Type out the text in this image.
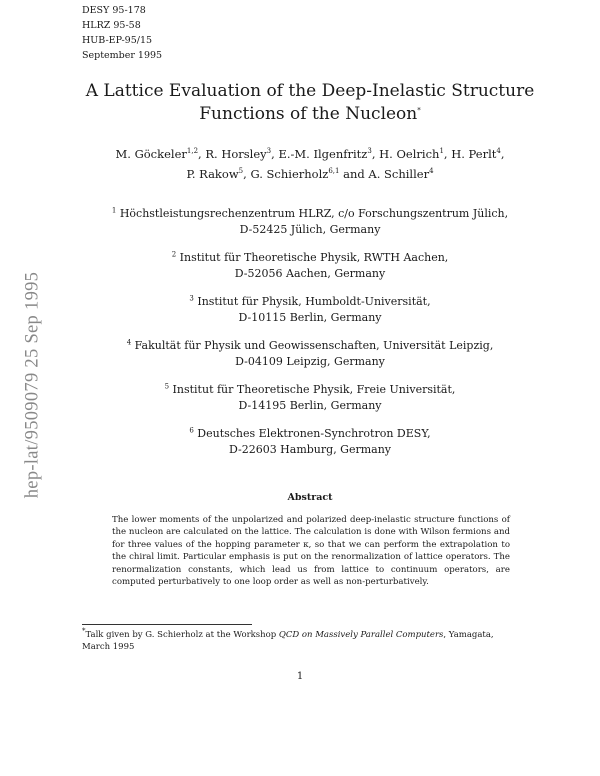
DESY 95-178
HLRZ 95-58
HUB-EP-95/15
September 1995
hep-lat/9509079 25 Sep 1995
A Lattice Evaluation of the Deep-Inelastic Structure
Functions of the Nucleon*
M. Göckeler$^{1,2}$, R. Horsley$^3$, E.-M. Ilgenfritz$^3$, H. Oelrich$^1$, H. Perlt$^4$,
P. Rakow$^5$, G. Schierholz$^{6,1}$ and A. Schiller$^4$
$^1$ Höchstleistungsrechenzentrum HLRZ, c/o Forschungszentrum Jülich,
D-52425 Jülich, Germany
$^2$ Institut für Theoretische Physik, RWTH Aachen,
D-52056 Aachen, Germany
$^3$ Institut für Physik, Humboldt-Universität,
D-10115 Berlin, Germany
$^4$ Fakultät für Physik und Geowissenschaften, Universität Leipzig,
D-04109 Leipzig, Germany
$^5$ Institut für Theoretische Physik, Freie Universität,
D-14195 Berlin, Germany
$^6$ Deutsches Elektronen-Synchrotron DESY,
D-22603 Hamburg, Germany
Abstract
The lower moments of the unpolarized and polarized deep-inelastic structure functions of the nucleon are calculated on the lattice. The calculation is done with Wilson fermions and for three values of the hopping parameter κ, so that we can perform the extrapolation to the chiral limit. Particular emphasis is put on the renormalization of lattice operators. The renormalization constants, which lead us from lattice to continuum operators, are computed perturbatively to one loop order as well as non-perturbatively.
*Talk given by G. Schierholz at the Workshop QCD on Massively Parallel Computers, Yamagata, March 1995
1
